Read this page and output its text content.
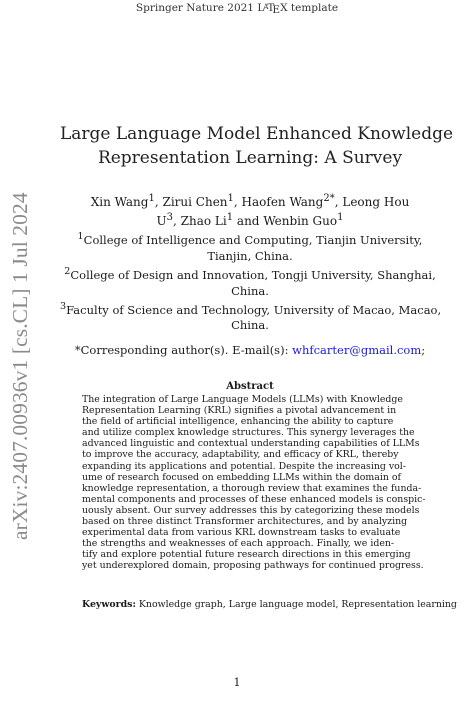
Springer Nature 2021 $L^AT_EX$ template
arXiv:2407.00936v1 [cs.CL] 1 Jul 2024
Large Language Model Enhanced Knowledge
Representation Learning: A Survey
Xin Wang$^1$, Zirui Chen$^1$, Haofen Wang$^{2*}$, Leong Hou
$U^3$, Zhao Li$^1$ and Wenbin Guo$^1$
$^1$College of Intelligence and Computing, Tianjin University,
Tianjin, China.
$^2$College of Design and Innovation, Tongji University, Shanghai,
China.
$^3$Faculty of Science and Technology, University of Macao, Macao,
China.
*Corresponding author(s). E-mail(s): whfcarter@gmail.com;
Abstract
The integration of Large Language Models (LLMs) with Knowledge
Representation Learning (KRL) signifies a pivotal advancement in
the field of artificial intelligence, enhancing the ability to capture
and utilize complex knowledge structures. This synergy leverages the
advanced linguistic and contextual understanding capabilities of LLMs
to improve the accuracy, adaptability, and efficacy of KRL, thereby
expanding its applications and potential. Despite the increasing vol-
ume of research focused on embedding LLMs within the domain of
knowledge representation, a thorough review that examines the funda-
mental components and processes of these enhanced models is conspic-
uously absent. Our survey addresses this by categorizing these models
based on three distinct Transformer architectures, and by analyzing
experimental data from various KRL downstream tasks to evaluate
the strengths and weaknesses of each approach. Finally, we iden-
tify and explore potential future research directions in this emerging
yet underexplored domain, proposing pathways for continued progress.
Keywords: Knowledge graph, Large language model, Representation learning
1
